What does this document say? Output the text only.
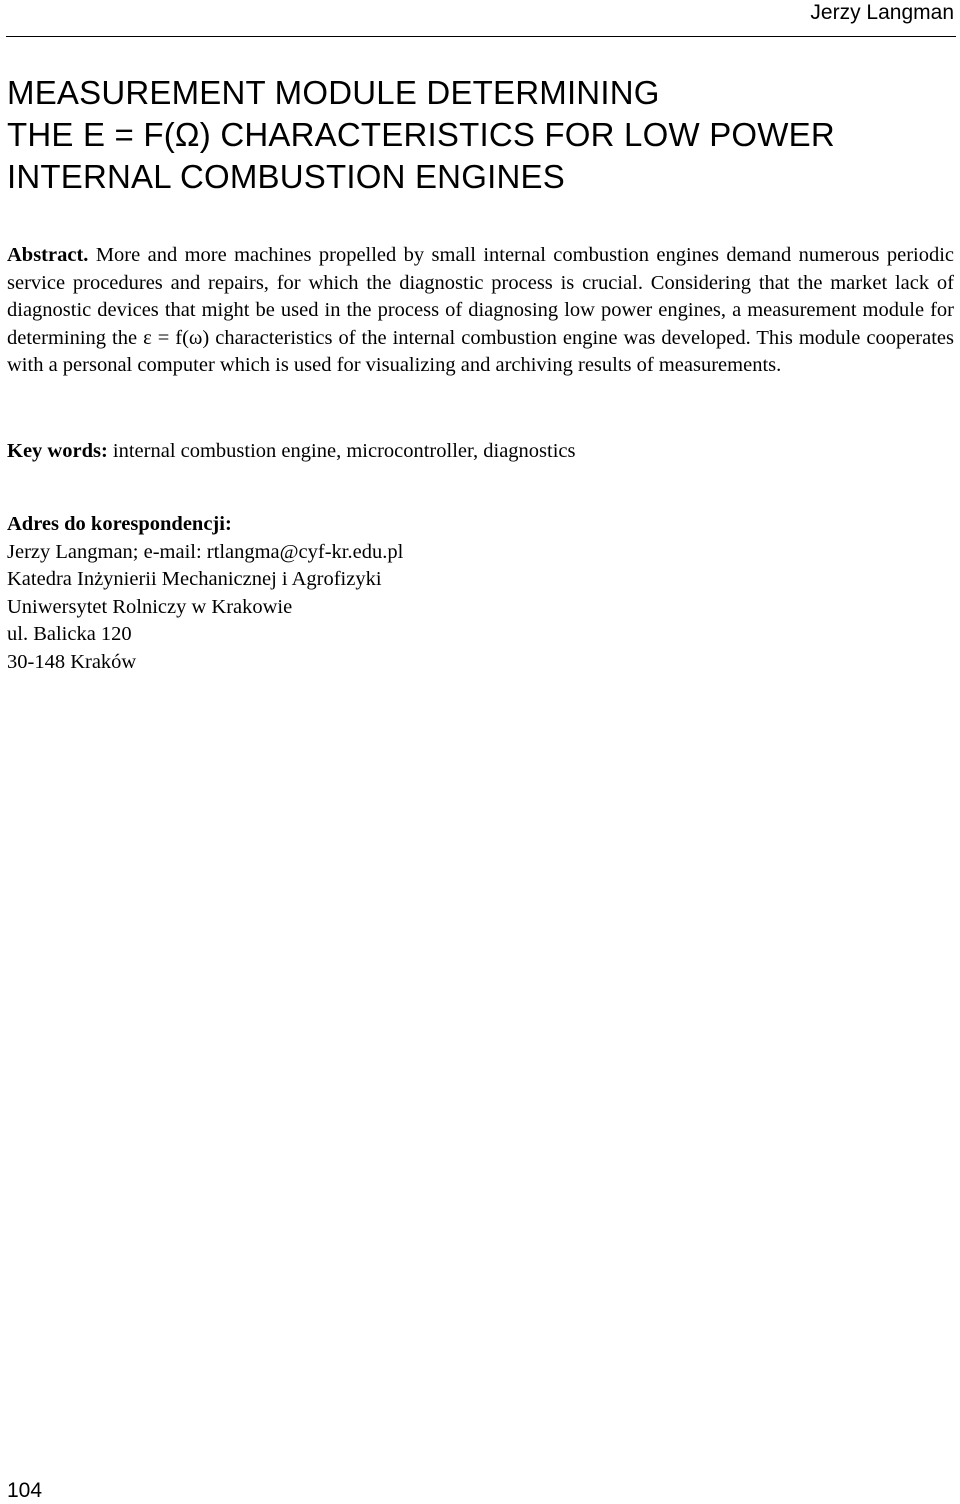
Jerzy Langman
MEASUREMENT MODULE DETERMINING
THE Ε = F(Ω) CHARACTERISTICS FOR LOW POWER
INTERNAL COMBUSTION ENGINES

Abstract. More and more machines propelled by small internal combustion engines demand numerous periodic service procedures and repairs, for which the diagnostic process is crucial. Considering that the market lack of diagnostic devices that might be used in the process of diagnosing low power engines, a measurement module for determining the ε = f(ω) characteristics of the internal combustion engine was developed. This module cooperates with a personal computer which is used for visualizing and archiving results of measurements.

Key words: internal combustion engine, microcontroller, diagnostics

Adres do korespondencji:
Jerzy Langman; e-mail: rtlangma@cyf-kr.edu.pl
Katedra Inżynierii Mechanicznej i Agrofizyki
Uniwersytet Rolniczy w Krakowie
ul. Balicka 120
30-148 Kraków
104
